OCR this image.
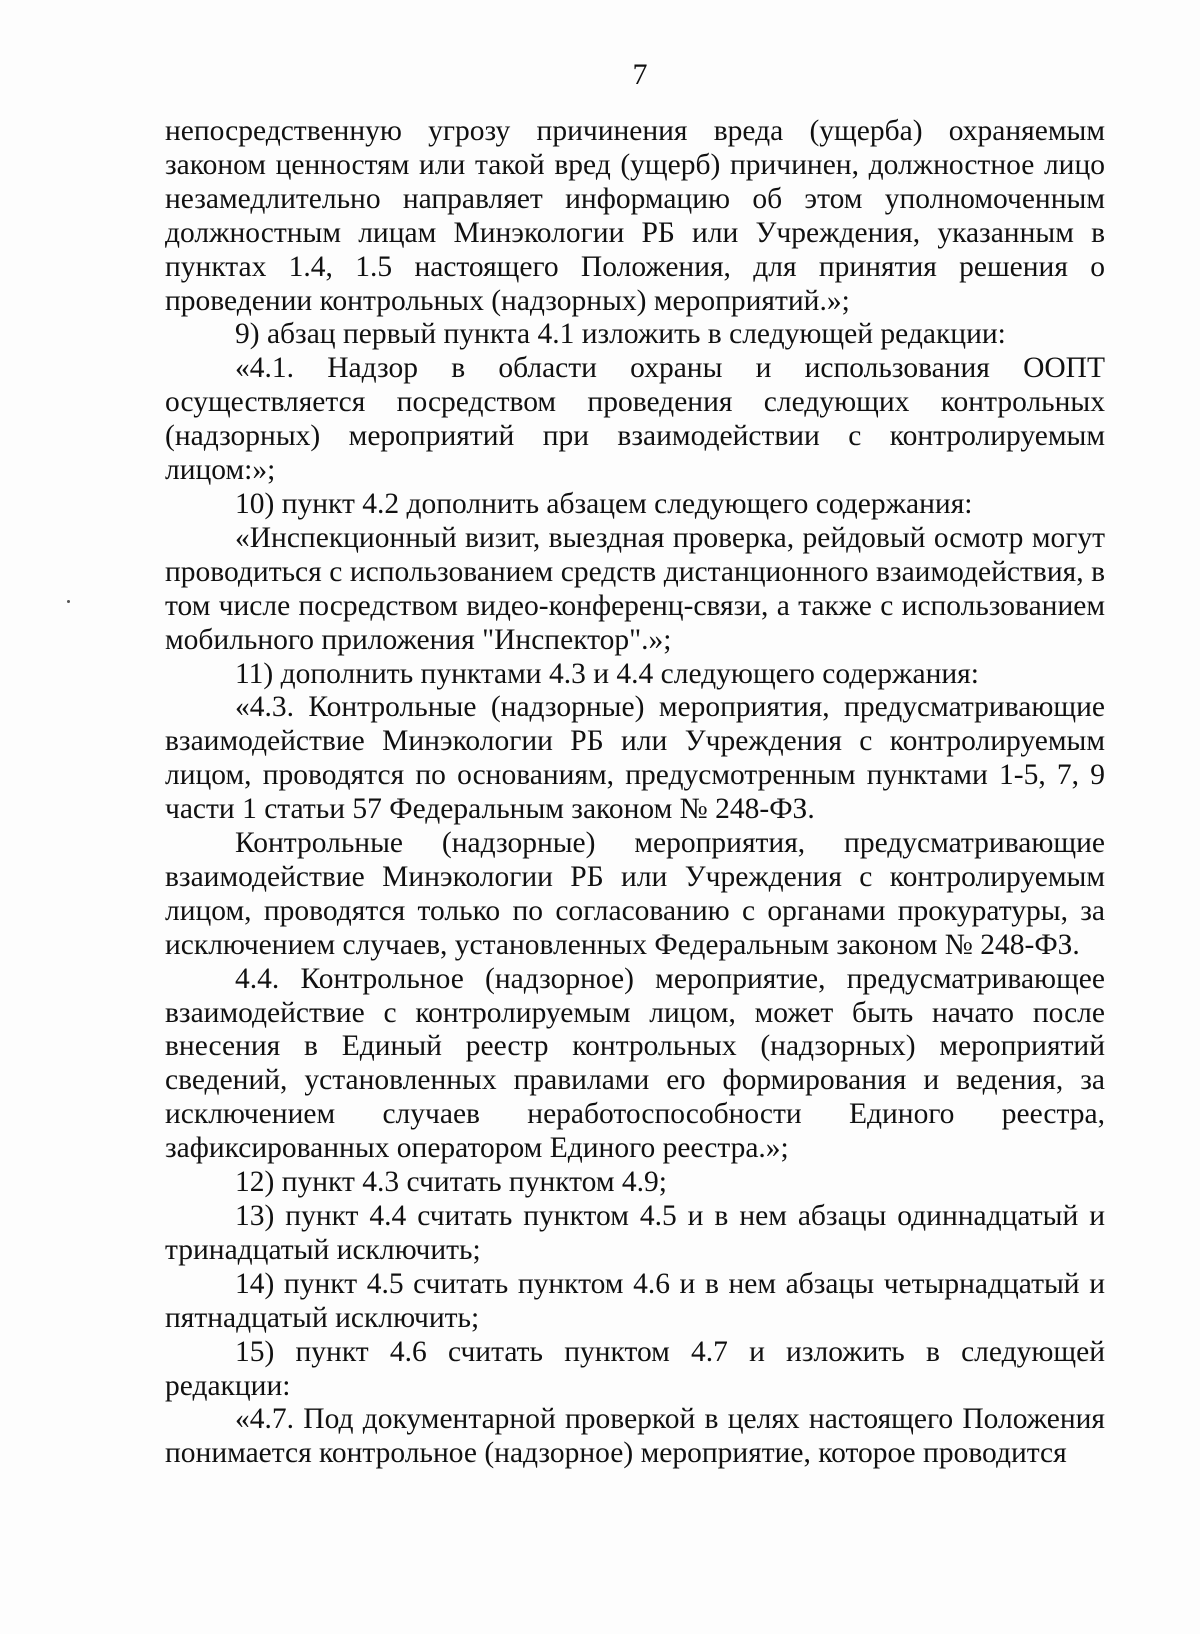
7

непосредственную угрозу причинения вреда (ущерба) охраняемым законом ценностям или такой вред (ущерб) причинен, должностное лицо незамедлительно направляет информацию об этом уполномоченным должностным лицам Минэкологии РБ или Учреждения, указанным в пунктах 1.4, 1.5 настоящего Положения, для принятия решения о проведении контрольных (надзорных) мероприятий.»;

9) абзац первый пункта 4.1 изложить в следующей редакции:

«4.1. Надзор в области охраны и использования ООПТ осуществляется посредством проведения следующих контрольных (надзорных) мероприятий при взаимодействии с контролируемым лицом:»;

10) пункт 4.2 дополнить абзацем следующего содержания:

«Инспекционный визит, выездная проверка, рейдовый осмотр могут проводиться с использованием средств дистанционного взаимодействия, в том числе посредством видео-конференц-связи, а также с использованием мобильного приложения "Инспектор".»;

11) дополнить пунктами 4.3 и 4.4 следующего содержания:

«4.3. Контрольные (надзорные) мероприятия, предусматривающие взаимодействие Минэкологии РБ или Учреждения с контролируемым лицом, проводятся по основаниям, предусмотренным пунктами 1-5, 7, 9 части 1 статьи 57 Федеральным законом № 248-ФЗ.

Контрольные (надзорные) мероприятия, предусматривающие взаимодействие Минэкологии РБ или Учреждения с контролируемым лицом, проводятся только по согласованию с органами прокуратуры, за исключением случаев, установленных Федеральным законом № 248-ФЗ.

4.4. Контрольное (надзорное) мероприятие, предусматривающее взаимодействие с контролируемым лицом, может быть начато после внесения в Единый реестр контрольных (надзорных) мероприятий сведений, установленных правилами его формирования и ведения, за исключением случаев неработоспособности Единого реестра, зафиксированных оператором Единого реестра.»;

12) пункт 4.3 считать пунктом 4.9;

13) пункт 4.4 считать пунктом 4.5 и в нем абзацы одиннадцатый и тринадцатый исключить;

14) пункт 4.5 считать пунктом 4.6 и в нем абзацы четырнадцатый и пятнадцатый исключить;

15) пункт 4.6 считать пунктом 4.7 и изложить в следующей редакции:

«4.7. Под документарной проверкой в целях настоящего Положения понимается контрольное (надзорное) мероприятие, которое проводится
